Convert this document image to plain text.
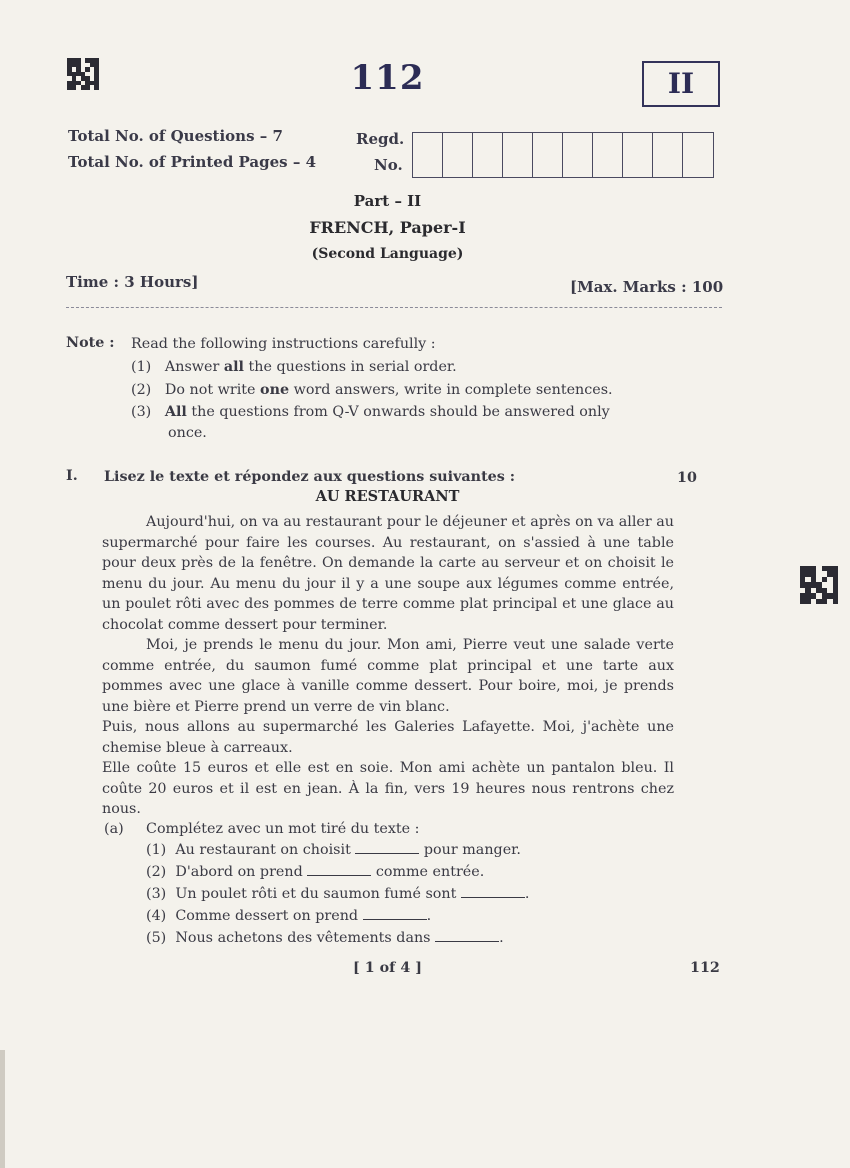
112	II
Total No. of Questions – 7
Total No. of Printed Pages – 4
Regd.
No.
Part – II
FRENCH, Paper-I
(Second Language)
Time : 3 Hours]	[Max. Marks : 100
Note : Read the following instructions carefully :
(1) Answer all the questions in serial order.
(2) Do not write one word answers, write in complete sentences.
(3) All the questions from Q-V onwards should be answered only
once.
I. Lisez le texte et répondez aux questions suivantes :	10
AU RESTAURANT

Aujourd'hui, on va au restaurant pour le déjeuner et après on va aller au supermarché pour faire les courses. Au restaurant, on s'assied à une table pour deux près de la fenêtre. On demande la carte au serveur et on choisit le menu du jour. Au menu du jour il y a une soupe aux légumes comme entrée, un poulet rôti avec des pommes de terre comme plat principal et une glace au chocolat comme dessert pour terminer.

Moi, je prends le menu du jour. Mon ami, Pierre veut une salade verte comme entrée, du saumon fumé comme plat principal et une tarte aux pommes avec une glace à vanille comme dessert. Pour boire, moi, je prends une bière et Pierre prend un verre de vin blanc.

Puis, nous allons au supermarché les Galeries Lafayette. Moi, j'achète une chemise bleue à carreaux.

Elle coûte 15 euros et elle est en soie. Mon ami achète un pantalon bleu. Il coûte 20 euros et il est en jean. À la fin, vers 19 heures nous rentrons chez nous.

(a) Complétez avec un mot tiré du texte :
(1) Au restaurant on choisit	pour manger.
(2) D'abord on prend	comme entrée.
(3) Un poulet rôti et du saumon fumé sont	.
(4) Comme dessert on prend	.
(5) Nous achetons des vêtements dans	.
[ 1 of 4 ]	112
